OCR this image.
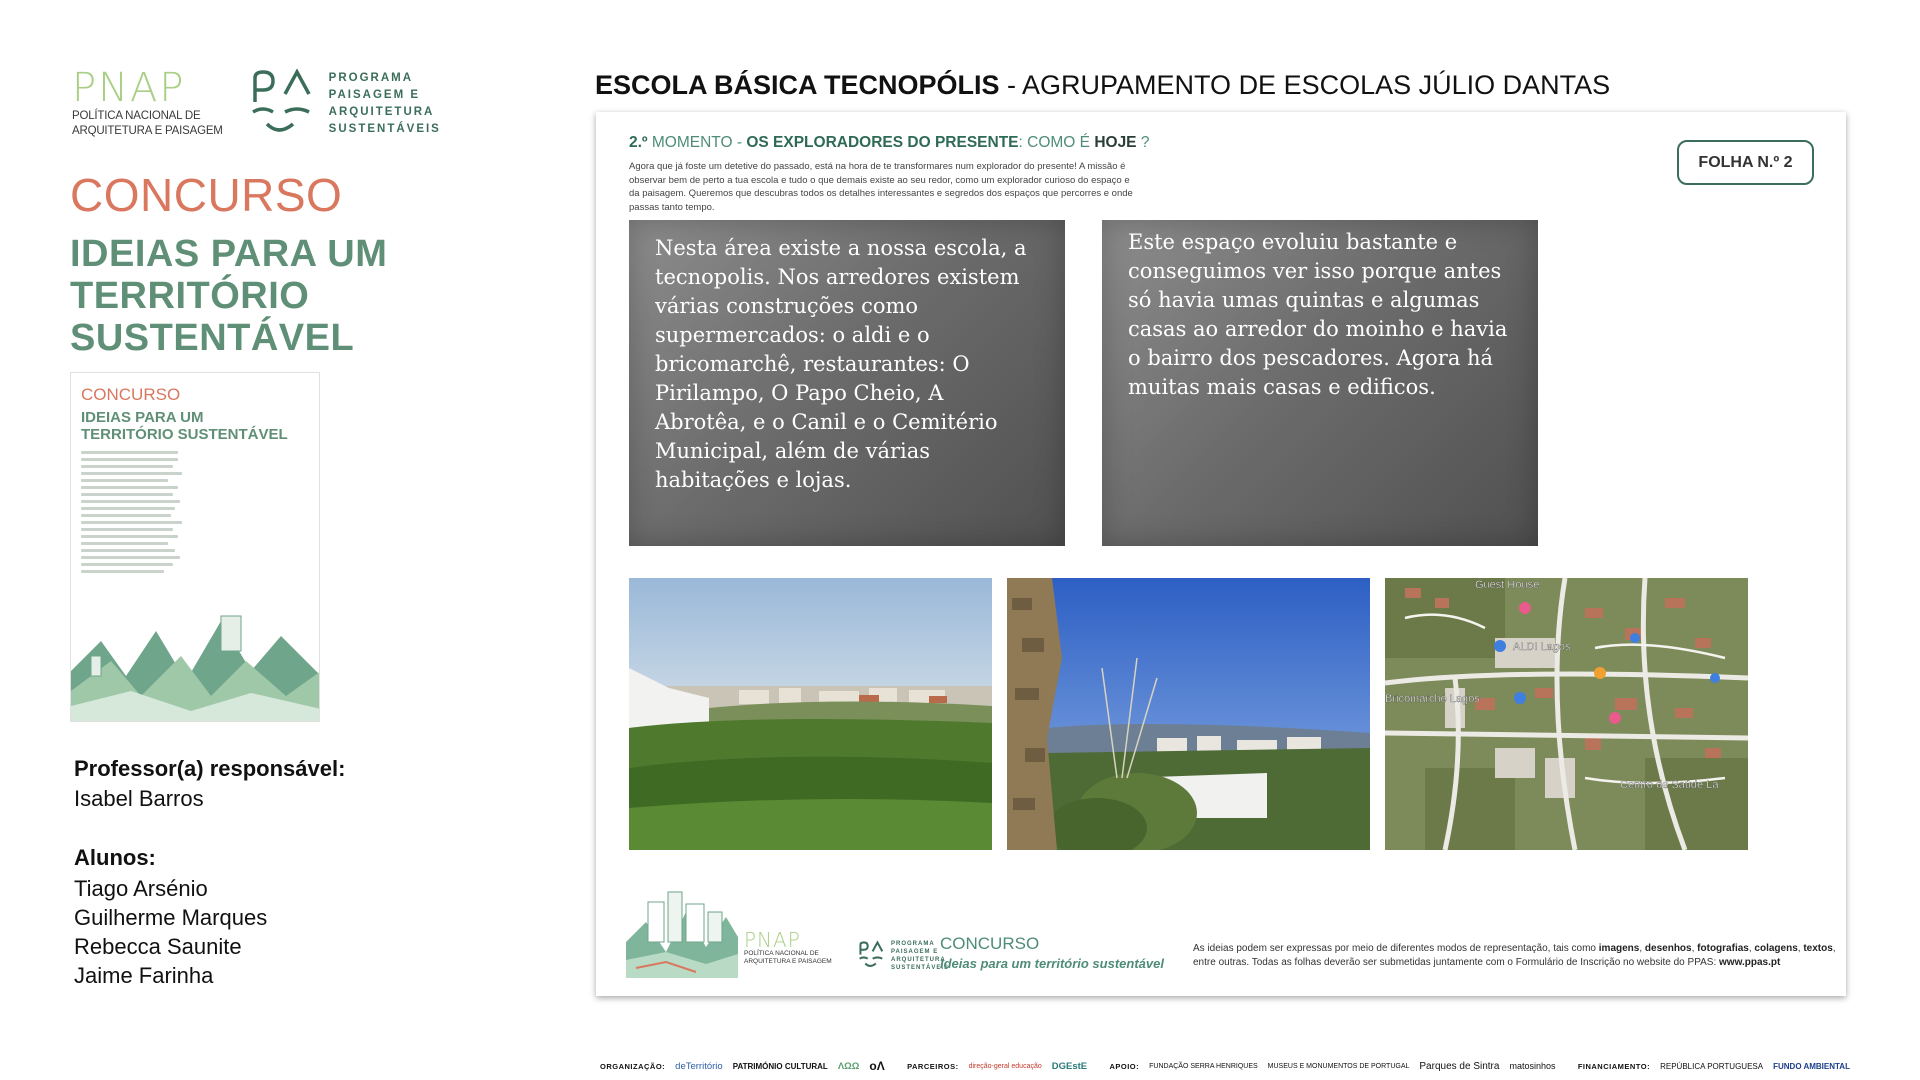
PNAP
POLÍTICA NACIONAL DE
ARQUITETURA E PAISAGEM
PROGRAMA
PAISAGEM E
ARQUITETURA
SUSTENTÁVEIS
CONCURSO
IDEIAS PARA UM
TERRITÓRIO
SUSTENTÁVEL
CONCURSO
IDEIAS PARA UM TERRITÓRIO SUSTENTÁVEL
Professor(a) responsável:
Isabel Barros
Alunos:
Tiago Arsénio
Guilherme Marques
Rebecca Saunite
Jaime Farinha
ESCOLA BÁSICA TECNOPÓLIS - AGRUPAMENTO DE ESCOLAS JÚLIO DANTAS
2.º MOMENTO - OS EXPLORADORES DO PRESENTE: COMO É HOJE ?
Agora que já foste um detetive do passado, está na hora de te transformares num explorador do presente! A missão é observar bem de perto a tua escola e tudo o que demais existe ao seu redor, como um explorador curioso do espaço e da paisagem. Queremos que descubras todos os detalhes interessantes e segredos dos espaços que percorres e onde passas tanto tempo.
FOLHA N.º 2
Nesta área existe a nossa escola, a tecnopolis. Nos arredores existem várias construções como supermercados: o aldi e o bricomarchê, restaurantes: O Pirilampo, O Papo Cheio, A Abrotêa, e o Canil e o Cemitério Municipal, além de várias habitações e lojas.
Este espaço evoluiu bastante e conseguimos ver isso porque antes só havia umas quintas e algumas casas ao arredor do moinho e havia o bairro dos pescadores. Agora há muitas mais casas e edificos.
Guest House
ALDI Lagos
Bricomarché Lagos
Centro de Saúde La
PNAP
POLÍTICA NACIONAL DE
ARQUITETURA E PAISAGEM
PROGRAMA
PAISAGEM E
ARQUITETURA
SUSTENTÁVEIS
CONCURSO
Ideias para um território sustentável
As ideias podem ser expressas por meio de diferentes modos de representação, tais como imagens, desenhos, fotografias, colagens, textos, entre outras. Todas as folhas deverão ser submetidas juntamente com o Formulário de Inscrição no website do PPAS: www.ppas.pt
ORGANIZAÇÃO: deTerritório PATRIMÓNIO CULTURAL ΛΩΩ oΛ	PARCEIROS: direção-geral educação DGEstE	APOIO: FUNDAÇÃO SERRA HENRIQUES MUSEUS E MONUMENTOS DE PORTUGAL Parques de Sintra matosinhos	FINANCIAMENTO: REPÚBLICA PORTUGUESA FUNDO AMBIENTAL
